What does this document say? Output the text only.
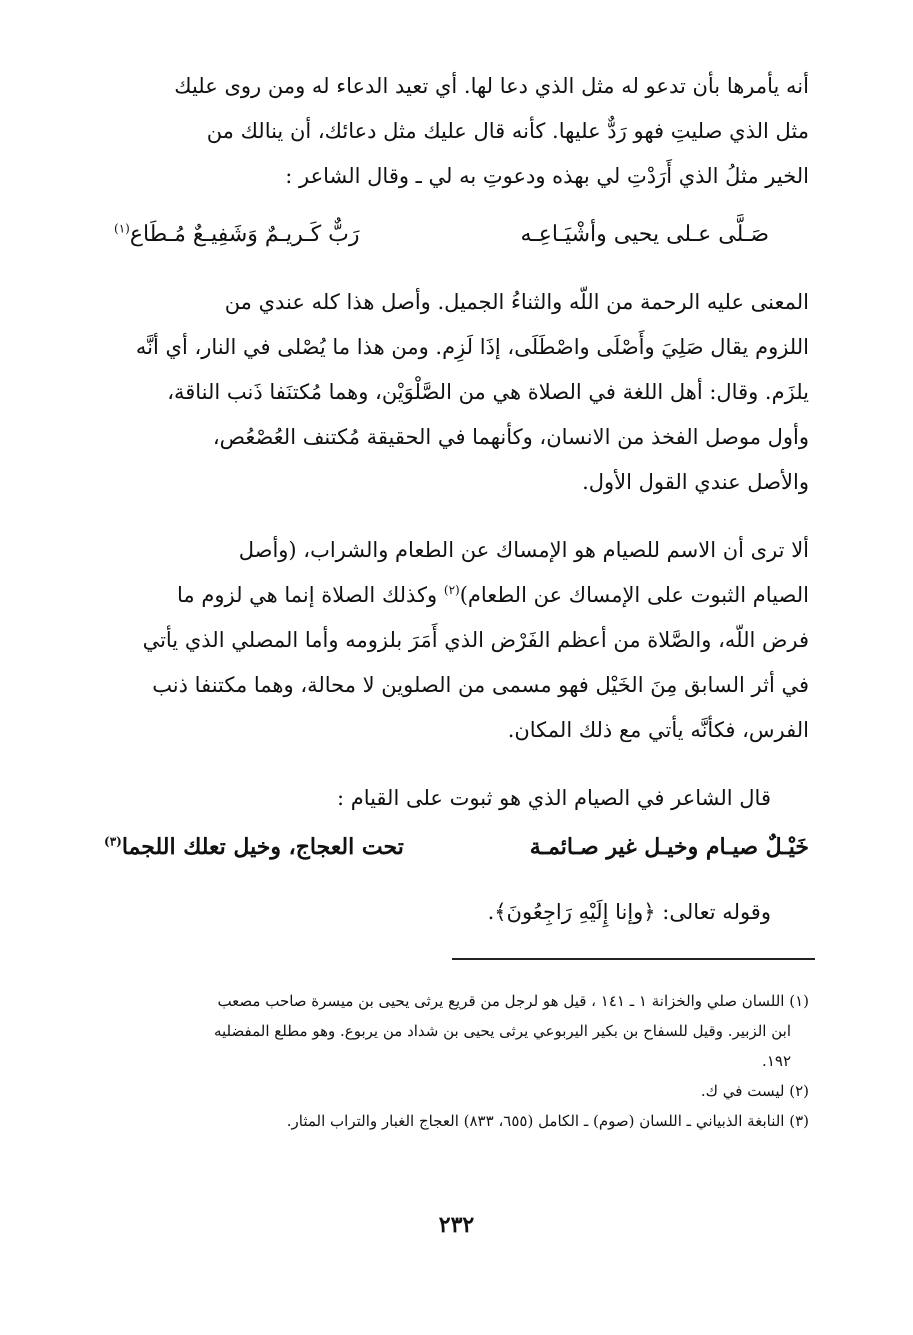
أنه يأمرها بأن تدعو له مثل الذي دعا لها. أي تعيد الدعاء له ومن روى عليك
مثل الذي صليتِ فهو رَدٌّ عليها. كأنه قال عليك مثل دعائك، أن ينالك من
الخير مثلُ الذي أَرَدْتِ لي بهذه ودعوتِ به لي ـ وقال الشاعر :
صَـلَّى عـلى يحيى وأشْيَـاعِـه
رَبٌّ كَـريـمٌ وَشَفِيـعٌ مُـطَاع$^{(١)}$
المعنى عليه الرحمة من اللّه والثناءُ الجميل. وأصل هذا كله عندي من
اللزوم يقال صَلِيَ وأَصْلَى واصْطَلَى، إذَا لَزِم. ومن هذا ما يُصْلى في النار، أي أنَّه
يلزَم. وقال: أهل اللغة في الصلاة هي من الصَّلْوَيْن، وهما مُكتنَفا ذَنب الناقة،
وأول موصل الفخذ من الانسان، وكأنهما في الحقيقة مُكتنف العُصْعُص،
والأصل عندي القول الأول.
ألا ترى أن الاسم للصيام هو الإمساك عن الطعام والشراب، (وأصل
الصيام الثبوت على الإمساك عن الطعام)$^{(٢)}$ وكذلك الصلاة إنما هي لزوم ما
فرض اللّه، والصَّلاة من أعظم الفَرْض الذي أَمَرَ بلزومه وأما المصلي الذي يأتي
في أثر السابق مِنَ الخَيْل فهو مسمى من الصلوين لا محالة، وهما مكتنفا ذنب
الفرس، فكأنَّه يأتي مع ذلك المكان.
قال الشاعر في الصيام الذي هو ثبوت على القيام :
خَيْـلٌ صيـام وخيـل غير صـائمـة
تحت العجاج، وخيل تعلك اللجما$^{(٣)}$
وقوله تعالى: ﴿وإنا إِلَيْهِ رَاجِعُونَ﴾.
(١) اللسان صلي والخزانة ١ ـ ١٤١ ، قيل هو لرجل من قريع يرثى يحيى بن ميسرة صاحب مصعب
ابن الزبير. وقيل للسفاح بن بكير اليربوعي يرثى يحيى بن شداد من يربوع. وهو مطلع المفضليه
١٩٢.
(٢) ليست في ك.
(٣) النابغة الذبياني ـ اللسان (صوم) ـ الكامل (٦٥٥، ٨٣٣) العجاج الغبار والتراب المثار.
٢٣٢
